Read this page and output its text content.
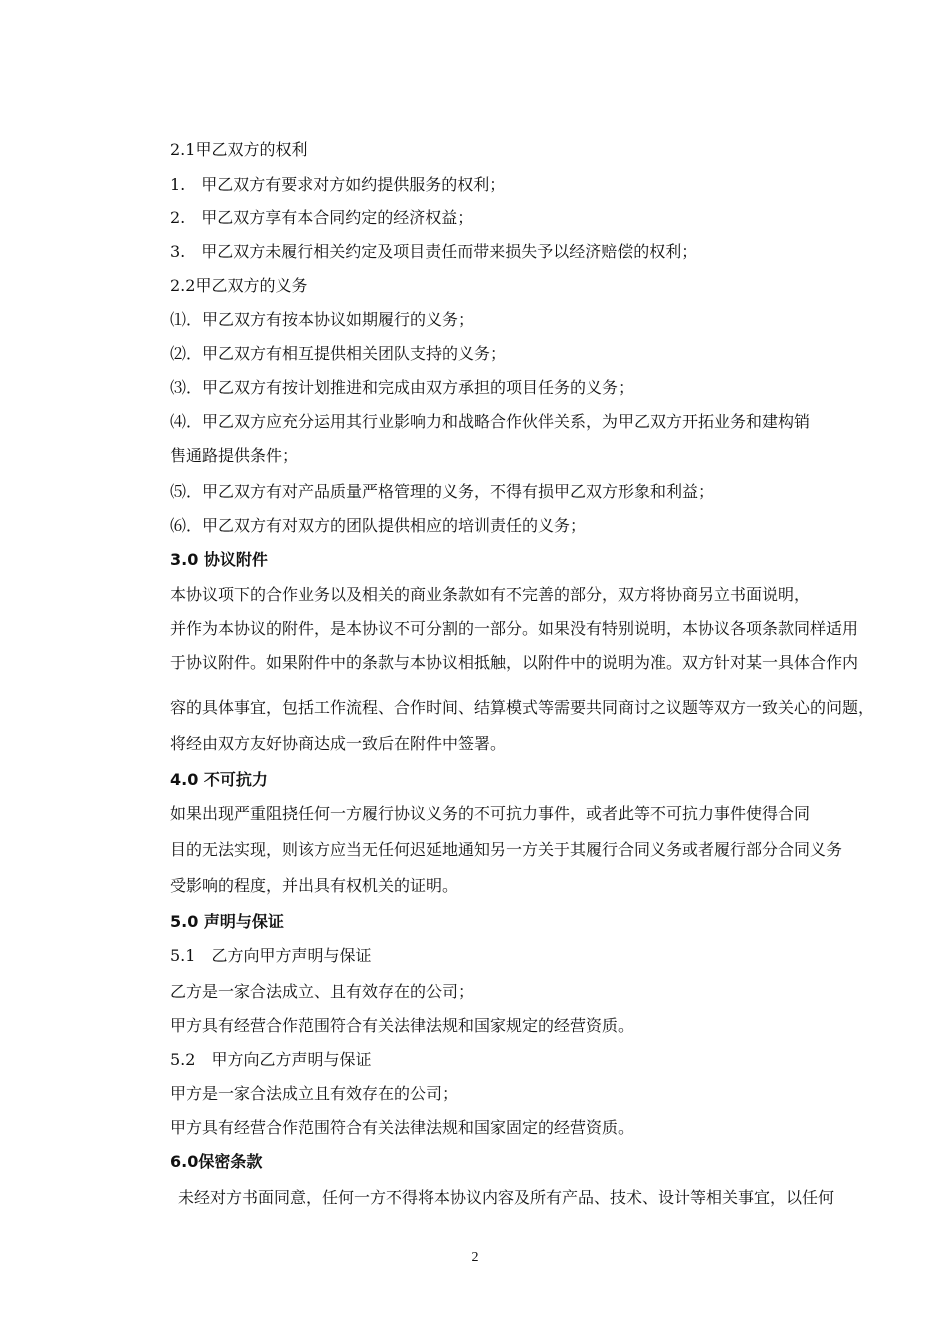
2.1甲乙双方的权利

1.　甲乙双方有要求对方如约提供服务的权利；

2.　甲乙双方享有本合同约定的经济权益；

3.　甲乙双方未履行相关约定及项目责任而带来损失予以经济赔偿的权利；

2.2甲乙双方的义务

⑴．甲乙双方有按本协议如期履行的义务；

⑵．甲乙双方有相互提供相关团队支持的义务；

⑶．甲乙双方有按计划推进和完成由双方承担的项目任务的义务；

⑷．甲乙双方应充分运用其行业影响力和战略合作伙伴关系，为甲乙双方开拓业务和建构销

售通路提供条件；

⑸．甲乙双方有对产品质量严格管理的义务，不得有损甲乙双方形象和利益；

⑹．甲乙双方有对双方的团队提供相应的培训责任的义务；

3.0 协议附件

本协议项下的合作业务以及相关的商业条款如有不完善的部分，双方将协商另立书面说明，

并作为本协议的附件，是本协议不可分割的一部分。如果没有特别说明，本协议各项条款同样适用

于协议附件。如果附件中的条款与本协议相抵触，以附件中的说明为准。双方针对某一具体合作内

容的具体事宜，包括工作流程、合作时间、结算模式等需要共同商讨之议题等双方一致关心的问题，

将经由双方友好协商达成一致后在附件中签署。

4.0 不可抗力

如果出现严重阻挠任何一方履行协议义务的不可抗力事件，或者此等不可抗力事件使得合同

目的无法实现，则该方应当无任何迟延地通知另一方关于其履行合同义务或者履行部分合同义务

受影响的程度，并出具有权机关的证明。

5.0 声明与保证

5.1　乙方向甲方声明与保证

乙方是一家合法成立、且有效存在的公司；

甲方具有经营合作范围符合有关法律法规和国家规定的经营资质。

5.2　甲方向乙方声明与保证

甲方是一家合法成立且有效存在的公司；

甲方具有经营合作范围符合有关法律法规和国家固定的经营资质。

6.0保密条款

未经对方书面同意，任何一方不得将本协议内容及所有产品、技术、设计等相关事宜，以任何

2
